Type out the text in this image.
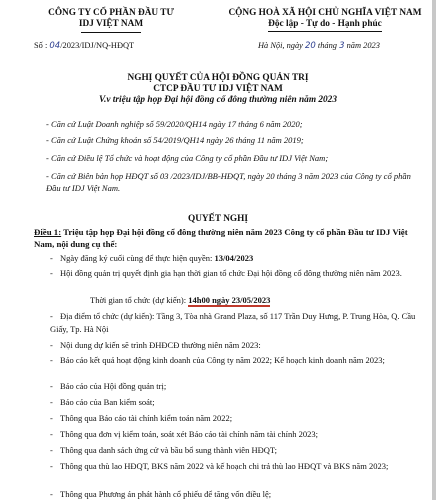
CÔNG TY CỔ PHẦN ĐẦU TƯ
IDJ VIỆT NAM
CỘNG HOÀ XÃ HỘI CHỦ NGHĨA VIỆT NAM
Độc lập - Tự do - Hạnh phúc
Số : 04/2023/IDJ/NQ-HĐQT	Hà Nội, ngày 20 tháng 3 năm 2023
NGHỊ QUYẾT CỦA HỘI ĐỒNG QUẢN TRỊ
CTCP ĐẦU TƯ IDJ VIỆT NAM
V.v triệu tập họp Đại hội đồng cổ đông thường niên năm 2023
- Căn cứ Luật Doanh nghiệp số 59/2020/QH14 ngày 17 tháng 6 năm 2020;
- Căn cứ Luật Chứng khoán số 54/2019/QH14 ngày 26 tháng 11 năm 2019;
- Căn cứ Điều lệ Tổ chức và hoạt động của Công ty cổ phần Đầu tư IDJ Việt Nam;
- Căn cứ Biên bản họp HĐQT số 03 /2023/IDJ/BB-HĐQT, ngày 20 tháng 3 năm 2023 của Công ty cổ phần Đầu tư IDJ Việt Nam.
QUYẾT NGHỊ
Điều 1: Triệu tập họp Đại hội đồng cổ đông thường niên năm 2023 Công ty cổ phần Đầu tư IDJ Việt Nam, nội dung cụ thể:
- Ngày đăng ký cuối cùng để thực hiện quyền: 13/04/2023
- Hội đồng quản trị quyết định gia hạn thời gian tổ chức Đại hội đồng cổ đông thường niên năm 2023.
Thời gian tổ chức (dự kiến): 14h00 ngày 23/05/2023
- Địa điểm tổ chức (dự kiến): Tầng 3, Tòa nhà Grand Plaza, số 117 Trần Duy Hưng, P. Trung Hòa, Q. Cầu Giấy, Tp. Hà Nội
- Nội dung dự kiến sẽ trình ĐHĐCĐ thường niên năm 2023:
- Báo cáo kết quả hoạt động kinh doanh của Công ty năm 2022; Kế hoạch kinh doanh năm 2023;
- Báo cáo của Hội đồng quản trị;
- Báo cáo của Ban kiểm soát;
- Thông qua Báo cáo tài chính kiểm toán năm 2022;
- Thông qua đơn vị kiểm toán, soát xét Báo cáo tài chính năm tài chính 2023;
- Thông qua danh sách ứng cử và bầu bổ sung thành viên HĐQT;
- Thông qua thù lao HĐQT, BKS năm 2022 và kế hoạch chi trả thù lao HĐQT và BKS năm 2023;
- Thông qua Phương án phát hành cổ phiếu để tăng vốn điều lệ;
